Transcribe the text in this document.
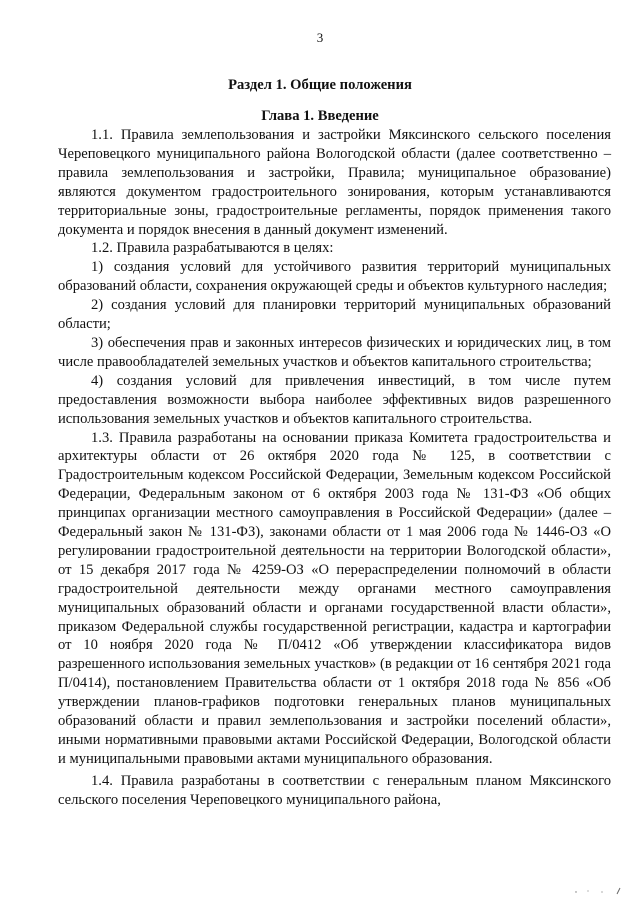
3
Раздел 1. Общие положения
Глава 1. Введение

1.1. Правила землепользования и застройки Мяксинского сельского поселения Череповецкого муниципального района Вологодской области (далее соответственно – правила землепользования и застройки, Правила; муниципальное образование) являются документом градостроительного зонирования, которым устанавливаются территориальные зоны, градостроительные регламенты, порядок применения такого документа и порядок внесения в данный документ изменений.

1.2. Правила разрабатываются в целях:

1) создания условий для устойчивого развития территорий муниципальных образований области, сохранения окружающей среды и объектов культурного наследия;

2) создания условий для планировки территорий муниципальных образований области;

3) обеспечения прав и законных интересов физических и юридических лиц, в том числе правообладателей земельных участков и объектов капитального строительства;

4) создания условий для привлечения инвестиций, в том числе путем предоставления возможности выбора наиболее эффективных видов разрешенного использования земельных участков и объектов капитального строительства.

1.3. Правила разработаны на основании приказа Комитета градостроительства и архитектуры области от 26 октября 2020 года № 125, в соответствии с Градостроительным кодексом Российской Федерации, Земельным кодексом Российской Федерации, Федеральным законом от 6 октября 2003 года № 131-ФЗ «Об общих принципах организации местного самоуправления в Российской Федерации» (далее – Федеральный закон № 131-ФЗ), законами области от 1 мая 2006 года № 1446-ОЗ «О регулировании градостроительной деятельности на территории Вологодской области», от 15 декабря 2017 года № 4259-ОЗ «О перераспределении полномочий в области градостроительной деятельности между органами местного самоуправления муниципальных образований области и органами государственной власти области», приказом Федеральной службы государственной регистрации, кадастра и картографии от 10 ноября 2020 года № П/0412 «Об утверждении классификатора видов разрешенного использования земельных участков» (в редакции от 16 сентября 2021 года П/0414), постановлением Правительства области от 1 октября 2018 года № 856 «Об утверждении планов-графиков подготовки генеральных планов муниципальных образований области и правил землепользования и застройки поселений области», иными нормативными правовыми актами Российской Федерации, Вологодской области и муниципальными правовыми актами муниципального образования.

1.4. Правила разработаны в соответствии с генеральным планом Мяксинского сельского поселения Череповецкого муниципального района,
